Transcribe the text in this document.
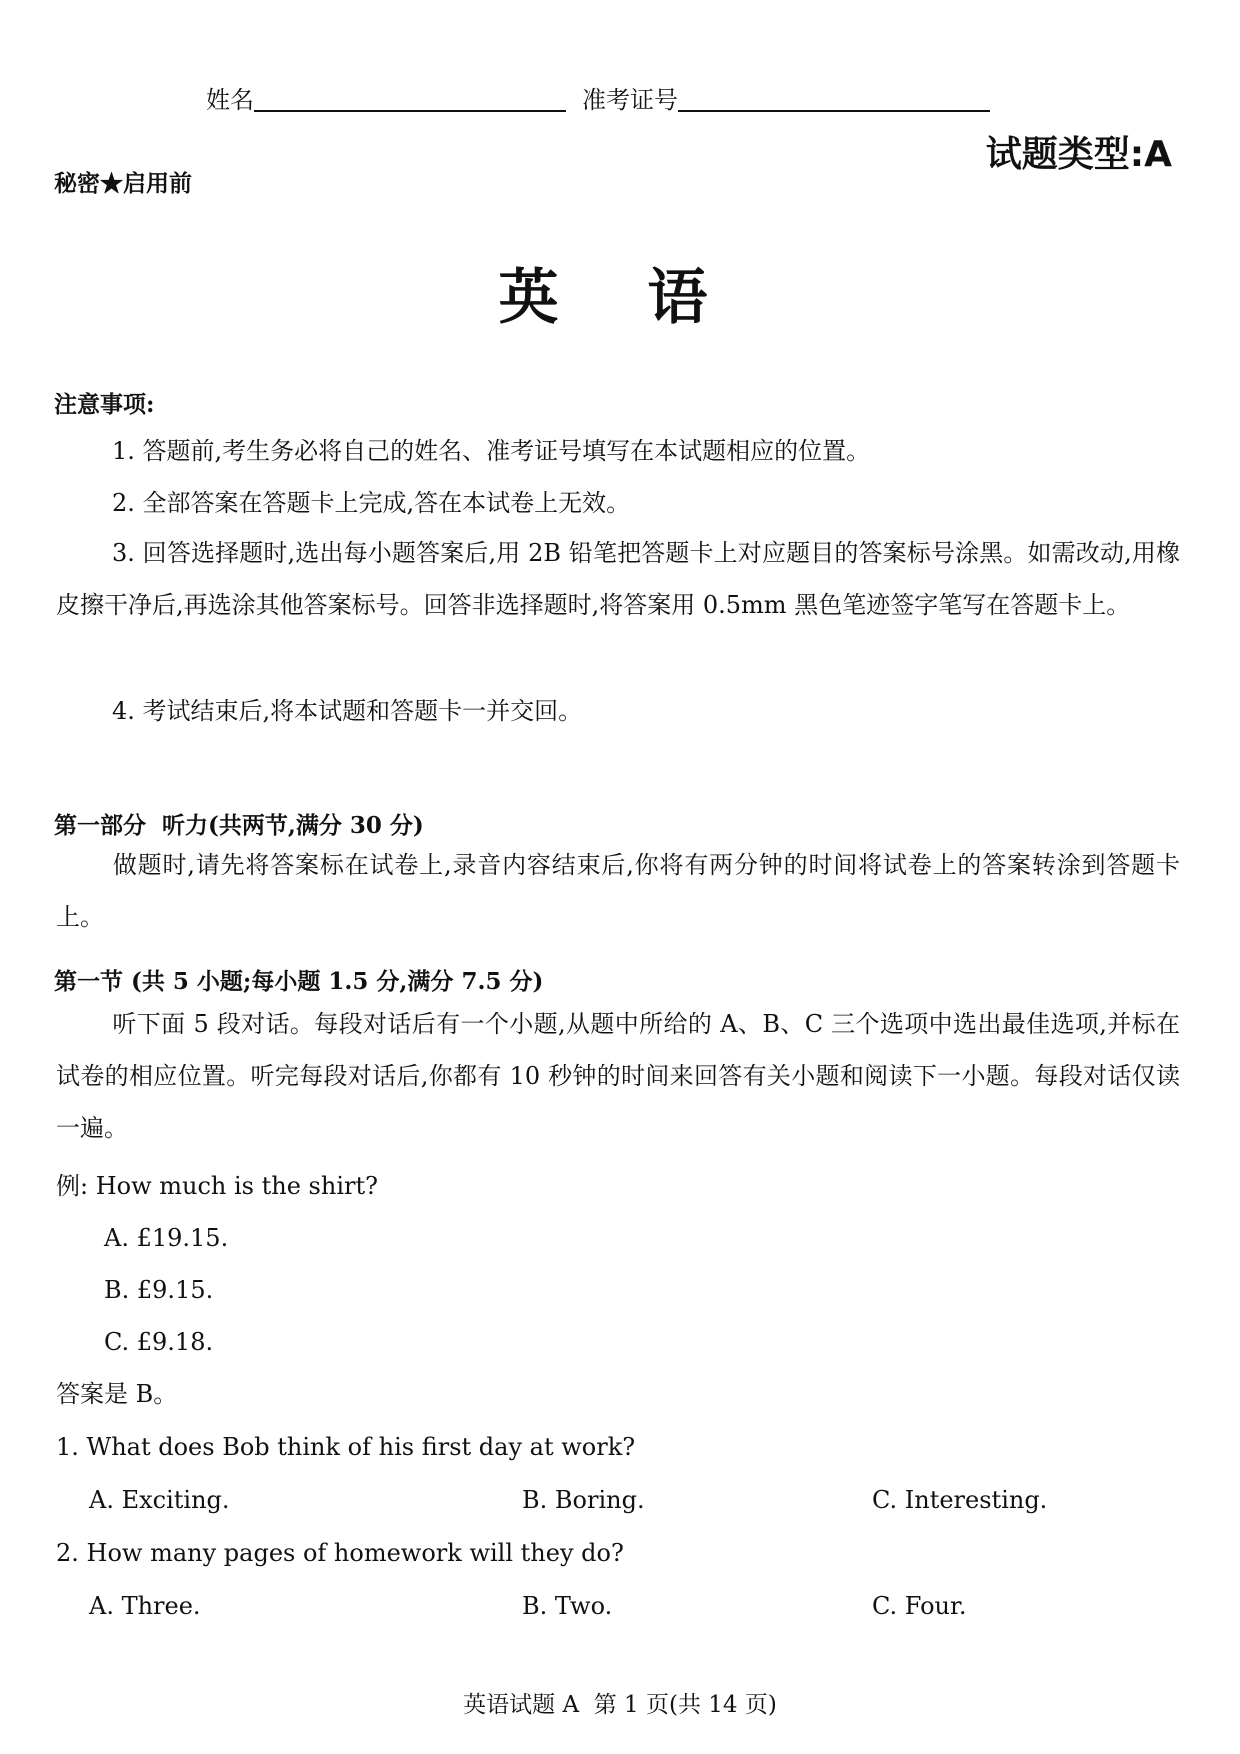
姓名	准考证号
试题类型:A
秘密★启用前
英 语
注意事项:
1. 答题前,考生务必将自己的姓名、准考证号填写在本试题相应的位置。
2. 全部答案在答题卡上完成,答在本试卷上无效。
3. 回答选择题时,选出每小题答案后,用 2B 铅笔把答题卡上对应题目的答案标号涂黑。如需改动,用橡皮擦干净后,再选涂其他答案标号。回答非选择题时,将答案用 0.5mm 黑色笔迹签字笔写在答题卡上。
4. 考试结束后,将本试题和答题卡一并交回。
第一部分  听力(共两节,满分 30 分)
做题时,请先将答案标在试卷上,录音内容结束后,你将有两分钟的时间将试卷上的答案转涂到答题卡上。
第一节 (共 5 小题;每小题 1.5 分,满分 7.5 分)
听下面 5 段对话。每段对话后有一个小题,从题中所给的 A、B、C 三个选项中选出最佳选项,并标在试卷的相应位置。听完每段对话后,你都有 10 秒钟的时间来回答有关小题和阅读下一小题。每段对话仅读一遍。
例: How much is the shirt?
A. £19.15.
B. £9.15.
C. £9.18.
答案是 B。
1. What does Bob think of his first day at work?
A. Exciting.	B. Boring.	C. Interesting.
2. How many pages of homework will they do?
A. Three.	B. Two.	C. Four.
英语试题 A  第 1 页(共 14 页)
